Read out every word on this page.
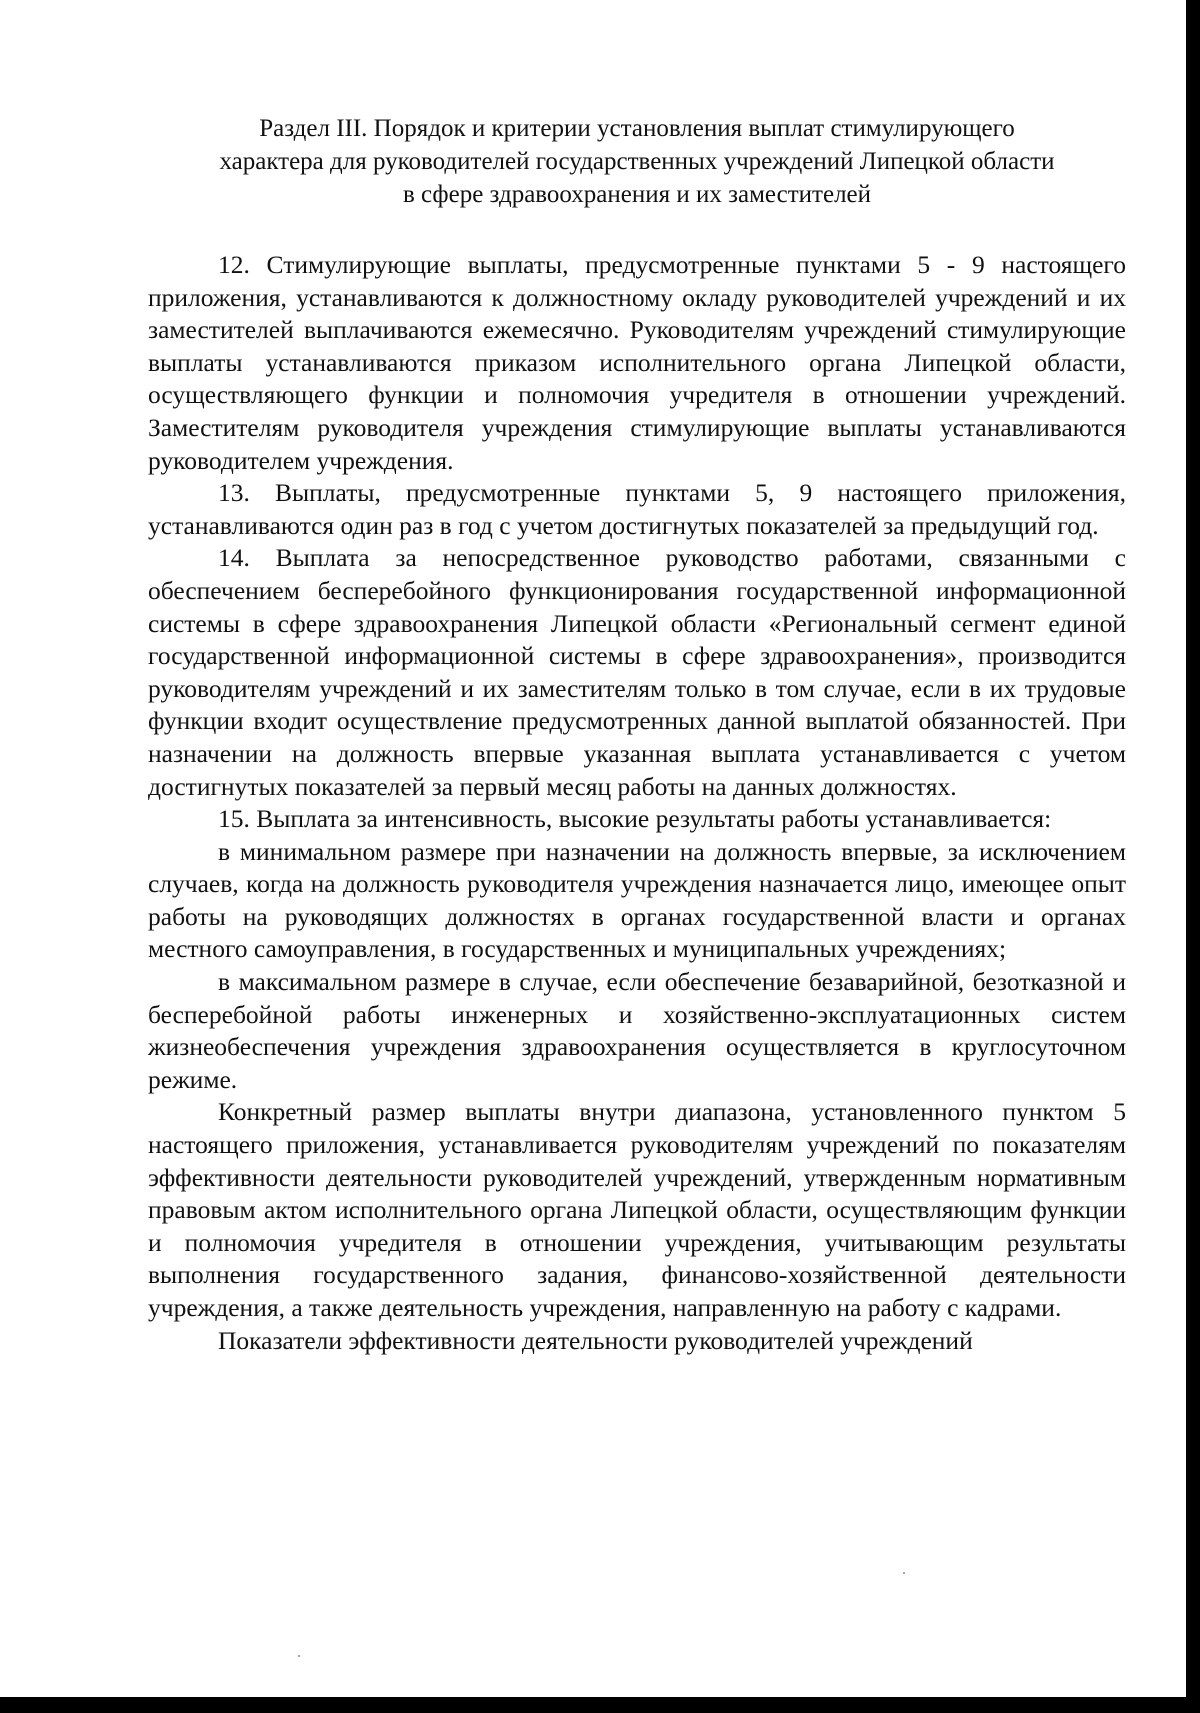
Раздел III. Порядок и критерии установления выплат стимулирующего
характера для руководителей государственных учреждений Липецкой области
в сфере здравоохранения и их заместителей

12. Стимулирующие выплаты, предусмотренные пунктами 5 - 9 настоящего приложения, устанавливаются к должностному окладу руководителей учреждений и их заместителей выплачиваются ежемесячно. Руководителям учреждений стимулирующие выплаты устанавливаются приказом исполнительного органа Липецкой области, осуществляющего функции и полномочия учредителя в отношении учреждений. Заместителям руководителя учреждения стимулирующие выплаты устанавливаются руководителем учреждения.

13. Выплаты, предусмотренные пунктами 5, 9 настоящего приложения, устанавливаются один раз в год с учетом достигнутых показателей за предыдущий год.

14. Выплата за непосредственное руководство работами, связанными с обеспечением бесперебойного функционирования государственной информационной системы в сфере здравоохранения Липецкой области «Региональный сегмент единой государственной информационной системы в сфере здравоохранения», производится руководителям учреждений и их заместителям только в том случае, если в их трудовые функции входит осуществление предусмотренных данной выплатой обязанностей. При назначении на должность впервые указанная выплата устанавливается с учетом достигнутых показателей за первый месяц работы на данных должностях.

15. Выплата за интенсивность, высокие результаты работы устанавливается:

в минимальном размере при назначении на должность впервые, за исключением случаев, когда на должность руководителя учреждения назначается лицо, имеющее опыт работы на руководящих должностях в органах государственной власти и органах местного самоуправления, в государственных и муниципальных учреждениях;

в максимальном размере в случае, если обеспечение безаварийной, безотказной и бесперебойной работы инженерных и хозяйственно-эксплуатационных систем жизнеобеспечения учреждения здравоохранения осуществляется в круглосуточном режиме.

Конкретный размер выплаты внутри диапазона, установленного пунктом 5 настоящего приложения, устанавливается руководителям учреждений по показателям эффективности деятельности руководителей учреждений, утвержденным нормативным правовым актом исполнительного органа Липецкой области, осуществляющим функции и полномочия учредителя в отношении учреждения, учитывающим результаты выполнения государственного задания, финансово-хозяйственной деятельности учреждения, а также деятельность учреждения, направленную на работу с кадрами.

Показатели эффективности деятельности руководителей учреждений
